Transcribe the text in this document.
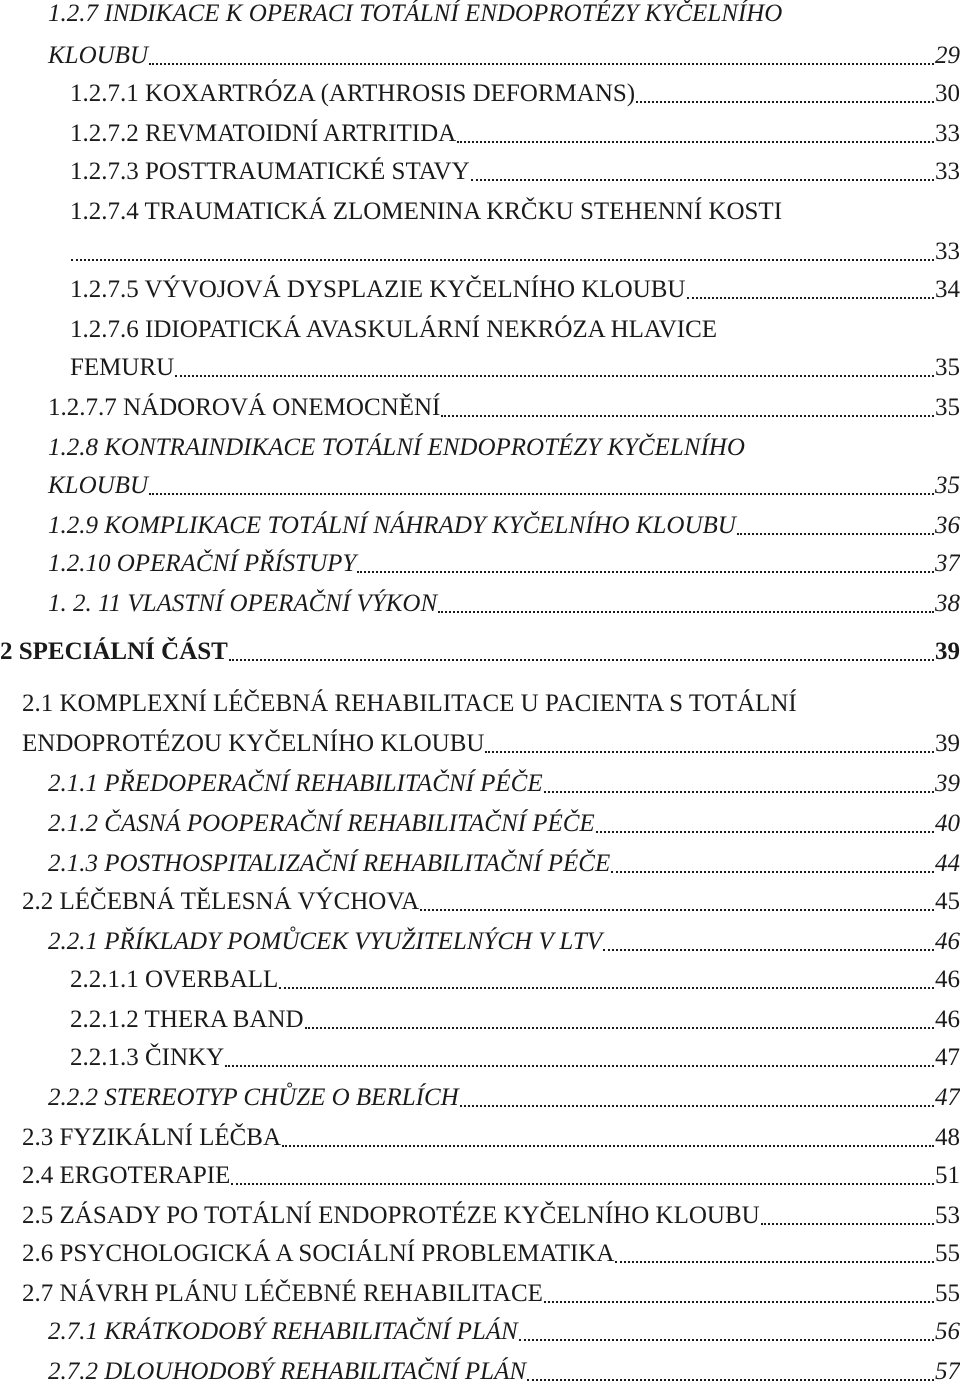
1.2.7 INDIKACE K OPERACI TOTÁLNÍ ENDOPROTÉZY KYČELNÍHO
KLOUBU	29
1.2.7.1 KOXARTRÓZA (ARTHROSIS DEFORMANS)	30
1.2.7.2 REVMATOIDNÍ ARTRITIDA	33
1.2.7.3 POSTTRAUMATICKÉ STAVY	33
1.2.7.4 TRAUMATICKÁ ZLOMENINA KRČKU STEHENNÍ KOSTI
33
1.2.7.5 VÝVOJOVÁ DYSPLAZIE KYČELNÍHO KLOUBU	34
1.2.7.6 IDIOPATICKÁ AVASKULÁRNÍ NEKRÓZA HLAVICE
FEMURU	35
1.2.7.7 NÁDOROVÁ ONEMOCNĚNÍ	35
1.2.8 KONTRAINDIKACE TOTÁLNÍ ENDOPROTÉZY KYČELNÍHO
KLOUBU	35
1.2.9 KOMPLIKACE TOTÁLNÍ NÁHRADY KYČELNÍHO KLOUBU	36
1.2.10 OPERAČNÍ PŘÍSTUPY	37
1. 2. 11 VLASTNÍ OPERAČNÍ VÝKON	38
2 SPECIÁLNÍ ČÁST	39
2.1 KOMPLEXNÍ LÉČEBNÁ REHABILITACE U PACIENTA S TOTÁLNÍ
ENDOPROTÉZOU KYČELNÍHO KLOUBU	39
2.1.1 PŘEDOPERAČNÍ REHABILITAČNÍ PÉČE	39
2.1.2 ČASNÁ POOPERAČNÍ REHABILITAČNÍ PÉČE	40
2.1.3 POSTHOSPITALIZAČNÍ REHABILITAČNÍ PÉČE	44
2.2 LÉČEBNÁ TĚLESNÁ VÝCHOVA	45
2.2.1 PŘÍKLADY POMŮCEK VYUŽITELNÝCH V LTV	46
2.2.1.1 OVERBALL	46
2.2.1.2 THERA BAND	46
2.2.1.3 ČINKY	47
2.2.2 STEREOTYP CHŮZE O BERLÍCH	47
2.3 FYZIKÁLNÍ LÉČBA	48
2.4 ERGOTERAPIE	51
2.5 ZÁSADY PO TOTÁLNÍ ENDOPROTÉZE KYČELNÍHO KLOUBU	53
2.6 PSYCHOLOGICKÁ A SOCIÁLNÍ PROBLEMATIKA	55
2.7 NÁVRH PLÁNU LÉČEBNÉ REHABILITACE	55
2.7.1 KRÁTKODOBÝ REHABILITAČNÍ PLÁN	56
2.7.2 DLOUHODOBÝ REHABILITAČNÍ PLÁN	57
